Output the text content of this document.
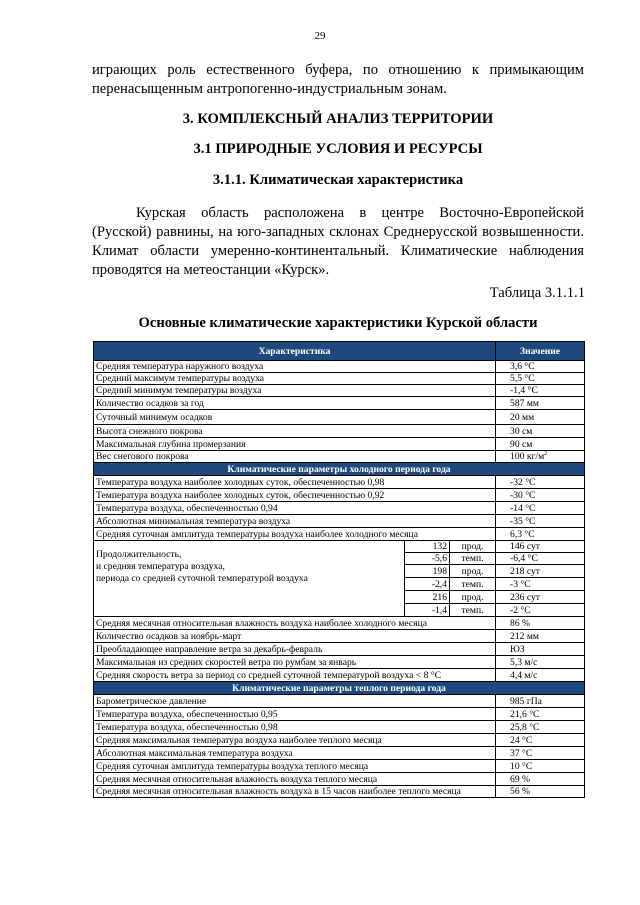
29

играющих роль естественного буфера, по отношению к примыкающим перенасыщенным антропогенно-индустриальным зонам.

3. КОМПЛЕКСНЫЙ АНАЛИЗ ТЕРРИТОРИИ
3.1 ПРИРОДНЫЕ УСЛОВИЯ И РЕСУРСЫ
3.1.1. Климатическая характеристика

Курская область расположена в центре Восточно-Европейской (Русской) равнины, на юго-западных склонах Среднерусской возвышенности. Климат области умеренно-континентальный. Климатические наблюдения проводятся на метеостанции «Курск».

Таблица 3.1.1.1
Основные климатические характеристики Курской области
Характеристика			Значение
Средняя температура наружного воздуха			3,6 °С
Средний максимум температуры воздуха			5,5 °С
Средний минимум температуры воздуха			-1,4 °С
Количество осадков за год			587 мм
Суточный минимум осадков			20 мм
Высота снежного покрова			30 см
Максимальная глубина промерзания			90 см
Вес снегового покрова			100 $кг/м^2$
Климатические параметры холодного периода года			
Температура воздуха наиболее холодных суток, обеспеченностью 0,98			-32 °С
Температура воздуха наиболее холодных суток, обеспеченностью 0,92			-30 °С
Температура воздуха, обеспеченностью 0,94			-14 °С
Абсолютная минимальная температура воздуха			-35 °С
Средняя суточная амплитуда температуры воздуха наиболее холодного месяца			6,3 °С

Продолжительность,
и средняя температура воздуха,
периода со средней суточной температурой воздуха	132	прод.	146 сут
	-5,6	темп.	-6,4 °С
	198	прод.	218 сут
	-2,4	темп.	-3 °С
	216	прод.	236 сут
	-1,4	темп.	-2 °С
Средняя месячная относительная влажность воздуха наиболее холодного месяца			86 %
Количество осадков за ноябрь-март			212 мм
Преобладающее направление ветра за декабрь-февраль			ЮЗ
Максимальная из средних скоростей ветра по румбам за январь			5,3 м/с
Средняя скорость ветра за период со средней суточной температурой воздуха < 8 °С			4,4 м/с
Климатические параметры теплого периода года			
Барометрическое давление			985 гПа
Температура воздуха, обеспеченностью 0,95			21,6 °С
Температура воздуха, обеспеченностью 0,98			25,8 °С
Средняя максимальная температура воздуха наиболее теплого месяца			24 °С
Абсолютная максимальная температура воздуха			37 °С
Средняя суточная амплитуда температуры воздуха теплого месяца			10 °С
Средняя месячная относительная влажность воздуха теплого месяца			69 %
Средняя месячная относительная влажность воздуха в 15 часов наиболее теплого месяца			56 %
